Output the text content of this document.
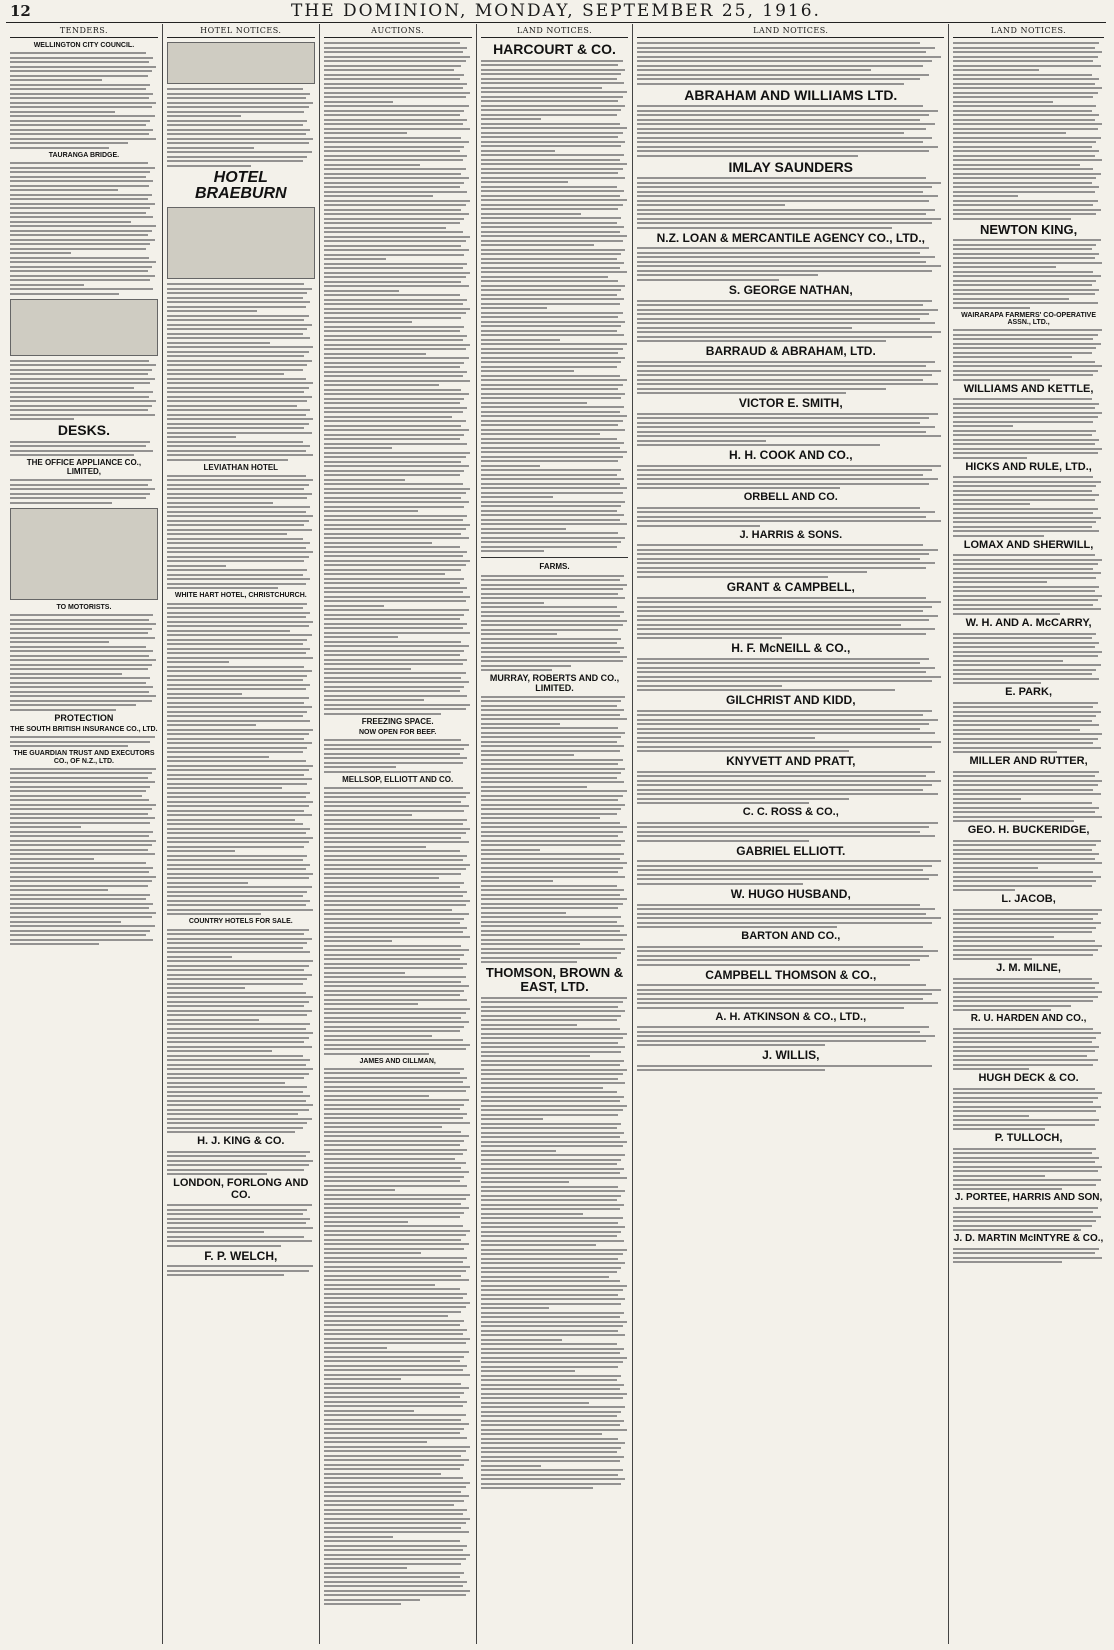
12	THE DOMINION, MONDAY, SEPTEMBER 25, 1916.
TENDERS.
WELLINGTON CITY COUNCIL.
TAURANGA BRIDGE.
DESKS.
THE OFFICE APPLIANCE CO., LIMITED,
TO MOTORISTS.
PROTECTION
THE SOUTH BRITISH INSURANCE CO., LTD.
THE GUARDIAN TRUST AND EXECUTORS CO., OF N.Z., LTD.
HOTEL NOTICES.
HOTEL BRAEBURN
LEVIATHAN HOTEL
WHITE HART HOTEL, CHRISTCHURCH.
COUNTRY HOTELS FOR SALE.
H. J. KING & CO.
LONDON, FORLONG AND CO.
F. P. WELCH,
AUCTIONS.
FREEZING SPACE.
NOW OPEN FOR BEEF.
MELLSOP, ELLIOTT AND CO.
JAMES AND CILLMAN,
LAND NOTICES.
HARCOURT & CO.
FARMS.
MURRAY, ROBERTS AND CO., LIMITED.
THOMSON, BROWN & EAST, LTD.
LAND NOTICES.
ABRAHAM AND WILLIAMS LTD.
IMLAY SAUNDERS
N.Z. LOAN & MERCANTILE AGENCY CO., LTD.,
S. GEORGE NATHAN,
BARRAUD & ABRAHAM, LTD.
VICTOR E. SMITH,
H. H. COOK AND CO.,
ORBELL AND CO.
J. HARRIS & SONS.
GRANT & CAMPBELL,
H. F. McNEILL & CO.,
GILCHRIST AND KIDD,
KNYVETT AND PRATT,
C. C. ROSS & CO.,
GABRIEL ELLIOTT.
W. HUGO HUSBAND,
BARTON AND CO.,
CAMPBELL THOMSON & CO.,
A. H. ATKINSON & CO., LTD.,
J. WILLIS,
LAND NOTICES.
NEWTON KING,
WAIRARAPA FARMERS' CO-OPERATIVE ASSN., LTD.,
WILLIAMS AND KETTLE,
HICKS AND RULE, LTD.,
LOMAX AND SHERWILL,
W. H. AND A. McCARRY,
E. PARK,
MILLER AND RUTTER,
GEO. H. BUCKERIDGE,
L. JACOB,
J. M. MILNE,
R. U. HARDEN AND CO.,
HUGH DECK & CO.
P. TULLOCH,
J. PORTEE, HARRIS AND SON,
J. D. MARTIN McINTYRE & CO.,
